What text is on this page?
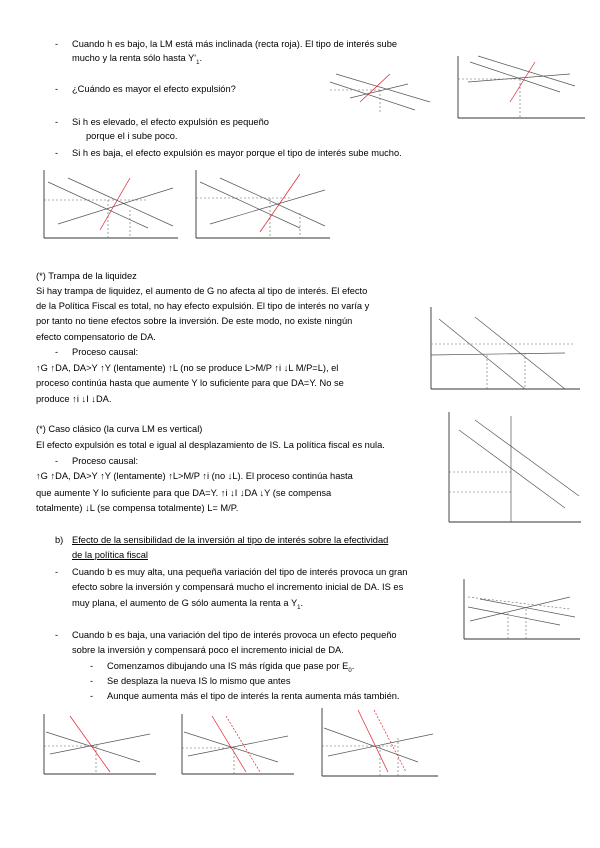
- Cuando h es bajo, la LM está más inclinada (recta roja). El tipo de interés sube
mucho y la renta sólo hasta $Y'_1$.
- ¿Cuándo es mayor el efecto expulsión?
- Si h es elevado, el efecto expulsión es pequeño
porque el i sube poco.
- Si h es baja, el efecto expulsión es mayor porque el tipo de interés sube mucho.
(*) Trampa de la liquidez
Si hay trampa de liquidez, el aumento de G no afecta al tipo de interés. El efecto
de la Política Fiscal es total, no hay efecto expulsión. El tipo de interés no varía y
por tanto no tiene efectos sobre la inversión. De este modo, no existe ningún
efecto compensatorio de DA.
- Proceso causal:
↑G ↑DA, DA>Y ↑Y (lentamente) ↑L (no se produce L>M/P ↑i ↓L M/P=L), el
proceso continúa hasta que aumente Y lo suficiente para que DA=Y. No se
produce ↑i ↓I ↓DA.
(*) Caso clásico (la curva LM es vertical)
El efecto expulsión es total e igual al desplazamiento de IS. La política fiscal es nula.
- Proceso causal:
↑G ↑DA, DA>Y ↑Y (lentamente) ↑L>M/P ↑i (no ↓L). El proceso continúa hasta
que aumente Y lo suficiente para que DA=Y. ↑i ↓I ↓DA ↓Y (se compensa
totalmente) ↓L (se compensa totalmente) L= M/P.
b) Efecto de la sensibilidad de la inversión al tipo de interés sobre la efectividad
de la política fiscal
- Cuando b es muy alta, una pequeña variación del tipo de interés provoca un gran
efecto sobre la inversión y compensará mucho el incremento inicial de DA. IS es
muy plana, el aumento de G sólo aumenta la renta a $Y_1$.
- Cuando b es baja, una variación del tipo de interés provoca un efecto pequeño
sobre la inversión y compensará poco el incremento inicial de DA.
- Comenzamos dibujando una IS más rígida que pase por $E_0$.
- Se desplaza la nueva IS lo mismo que antes
- Aunque aumenta más el tipo de interés la renta aumenta más también.
